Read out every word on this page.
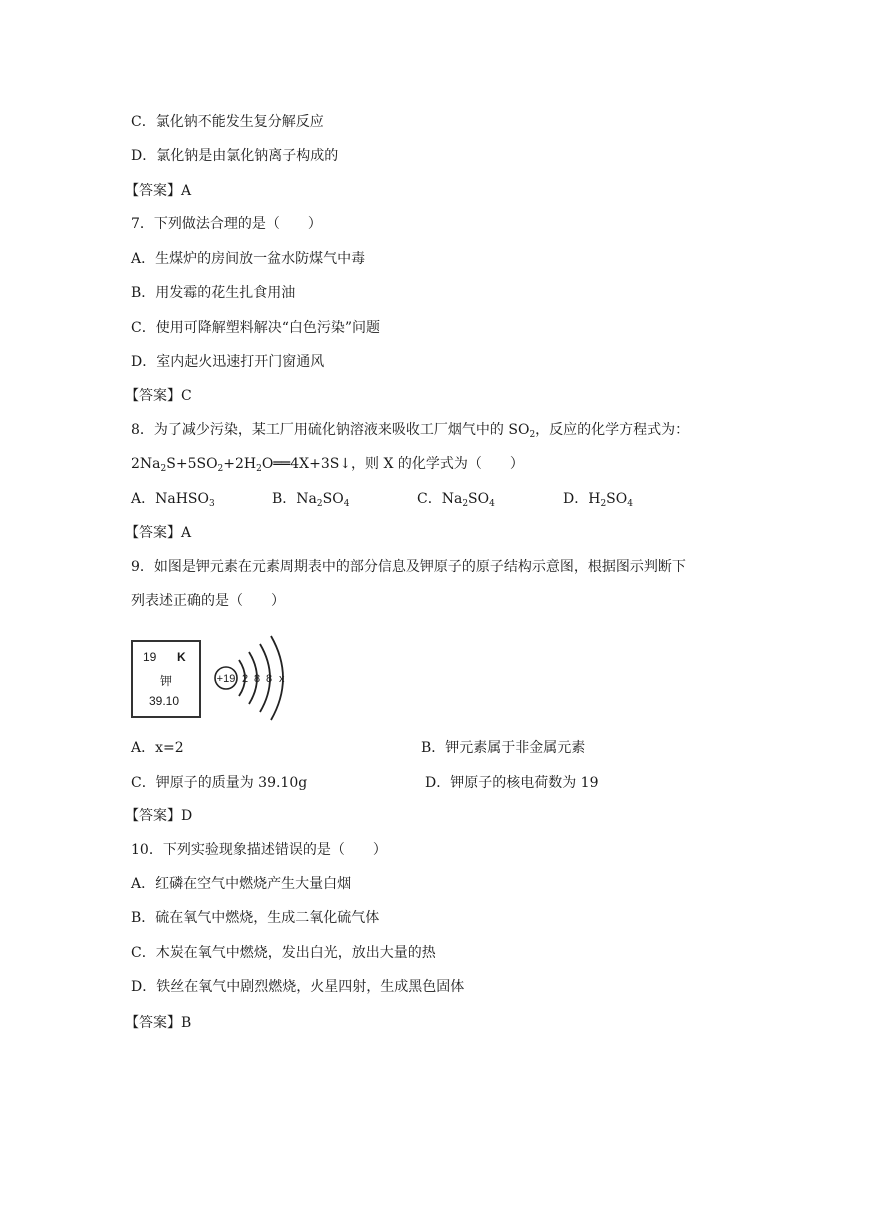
C．氯化钠不能发生复分解反应
D．氯化钠是由氯化钠离子构成的
【答案】A
7．下列做法合理的是（　　）
A．生煤炉的房间放一盆水防煤气中毒
B．用发霉的花生扎食用油
C．使用可降解塑料解决“白色污染”问题
D．室内起火迅速打开门窗通风
【答案】C
8．为了减少污染，某工厂用硫化钠溶液来吸收工厂烟气中的 $SO_2$，反应的化学方程式为：
$2Na_2S+5SO_2+2H_2O══4X+3S↓$，则 X 的化学式为（　　）
A．NaHSO$_3$	B．$Na_2SO_4$	C．$Na_2SO_4$	D．$H_2SO_4$
【答案】A
9．如图是钾元素在元素周期表中的部分信息及钾原子的原子结构示意图，根据图示判断下
列表述正确的是（　　）
19 K
钾
39.10
+19 2 8 8 x
A．x=2	B．钾元素属于非金属元素
C．钾原子的质量为 39.10g	D．钾原子的核电荷数为 19
【答案】D
10．下列实验现象描述错误的是（　　）
A．红磷在空气中燃烧产生大量白烟
B．硫在氧气中燃烧，生成二氧化硫气体
C．木炭在氧气中燃烧，发出白光，放出大量的热
D．铁丝在氧气中剧烈燃烧，火星四射，生成黑色固体
【答案】B
